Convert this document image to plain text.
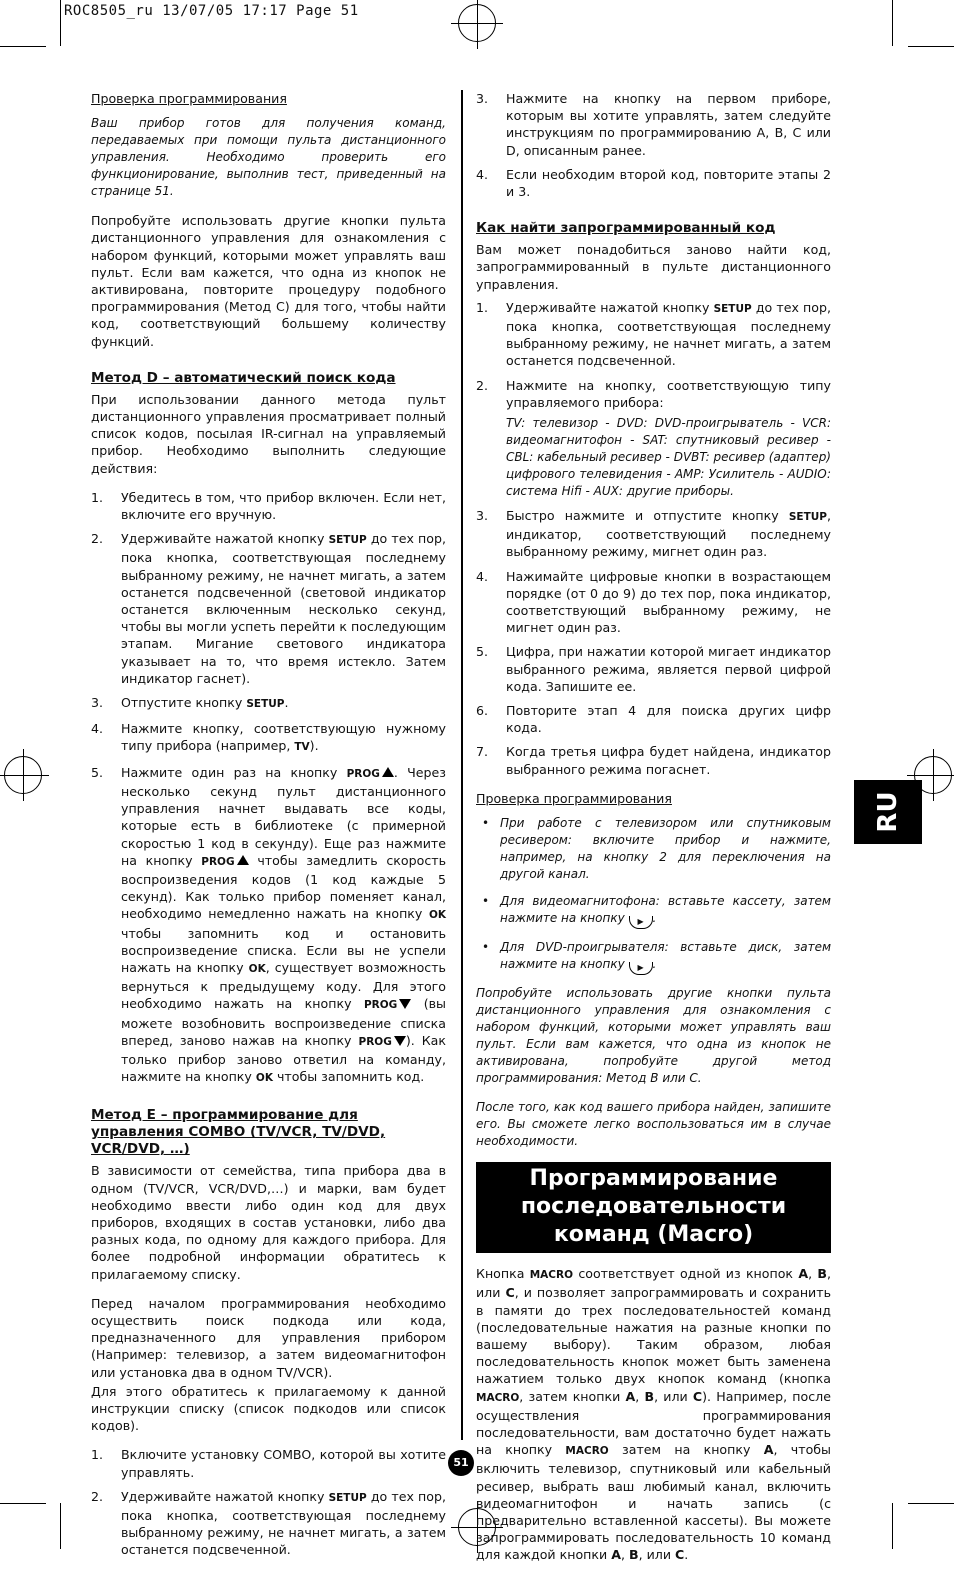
ROC8505_ru 13/07/05 17:17 Page 51
RU
51

Проверка программирования

Ваш прибор готов для получения команд, передаваемых при помощи пульта дистанционного управления. Необходимо проверить его функционирование, выполнив тест, приведенный на странице 51.

Попробуйте использовать другие кнопки пульта дистанционного управления для ознакомления с набором функций, которыми может управлять ваш пульт. Если вам кажется, что одна из кнопок не активирована, повторите процедуру подобного программирования (Метод C) для того, чтобы найти код, соответствующий большему количеству функций.

Метод D – автоматический поиск кода

При использовании данного метода пульт дистанционного управления просматривает полный список кодов, посылая IR-сигнал на управляемый прибор. Необходимо выполнить следующие действия:

1. Убедитесь в том, что прибор включен. Если нет, включите его вручную.
2. Удерживайте нажатой кнопку SETUP до тех пор, пока кнопка, соответствующая последнему выбранному режиму, не начнет мигать, а затем останется подсвеченной (световой индикатор останется включенным несколько секунд, чтобы вы могли успеть перейти к последующим этапам. Мигание светового индикатора указывает на то, что время истекло. Затем индикатор гаснет).
3. Отпустите кнопку SETUP.
4. Нажмите кнопку, соответствующую нужному типу прибора (например, TV).
5. Нажмите один раз на кнопку PROG . Через несколько секунд пульт дистанционного управления начнет выдавать все коды, которые есть в библиотеке (с примерной скоростью 1 код в секунду). Еще раз нажмите на кнопку PROG чтобы замедлить скорость воспроизведения кодов (1 код каждые 5 секунд). Как только прибор поменяет канал, необходимо немедленно нажать на кнопку OK чтобы запомнить код и остановить воспроизведение списка. Если вы не успели нажать на кнопку OK, существует возможность вернуться к предыдущему коду. Для этого необходимо нажать на кнопку PROG (вы можете возобновить воспроизведение списка вперед, заново нажав на кнопку PROG ). Как только прибор заново ответил на команду, нажмите на кнопку OK чтобы запомнить код.
Метод E – программирование для управления COMBO (TV/VCR, TV/DVD, VCR/DVD, …)

В зависимости от семейства, типа прибора два в одном (TV/VCR, VCR/DVD,…) и марки, вам будет необходимо ввести либо один код для двух приборов, входящих в состав установки, либо два разных кода, по одному для каждого прибора. Для более подробной информации обратитесь к прилагаемому списку.

Перед началом программирования необходимо осуществить поиск подкода или кода, предназначенного для управления прибором (Например: телевизор, а затем видеомагнитофон или установка два в одном TV/VCR).

Для этого обратитесь к прилагаемому к данной инструкции списку (список подкодов или список кодов).

1. Включите установку COMBO, которой вы хотите управлять.
2. Удерживайте нажатой кнопку SETUP до тех пор, пока кнопка, соответствующая последнему выбранному режиму, не начнет мигать, а затем останется подсвеченной.
3. Нажмите на кнопку на первом приборе, которым вы хотите управлять, затем следуйте инструкциям по программированию A, B, C или D, описанным ранее.
4. Если необходим второй код, повторите этапы 2 и 3.
Как найти запрограммированный код

Вам может понадобиться заново найти код, запрограммированный в пульте дистанционного управления.

1. Удерживайте нажатой кнопку SETUP до тех пор, пока кнопка, соответствующая последнему выбранному режиму, не начнет мигать, а затем останется подсвеченной.
2. Нажмите на кнопку, соответствующую типу управляемого прибора:
TV: телевизор - DVD: DVD-проигрыватель - VCR: видеомагнитофон - SAT: спутниковый ресивер - CBL: кабельный ресивер - DVBT: ресивер (адаптер) цифрового телевидения - AMP: Усилитель - AUDIO: система Hifi - AUX: другие приборы.
3. Быстро нажмите и отпустите кнопку SETUP, индикатор, соответствующий последнему выбранному режиму, мигнет один раз.
4. Нажимайте цифровые кнопки в возрастающем порядке (от 0 до 9) до тех пор, пока индикатор, соответствующий выбранному режиму, не мигнет один раз.
5. Цифра, при нажатии которой мигает индикатор выбранного режима, является первой цифрой кода. Запишите ее.
6. Повторите этап 4 для поиска других цифр кода.
7. Когда третья цифра будет найдена, индикатор выбранного режима погаснет.

Проверка программирования

• При работе с телевизором или спутниковым ресивером: включите прибор и нажмите, например, на кнопку 2 для переключения на другой канал.
• Для видеомагнитофона: вставьте кассету, затем нажмите на кнопку ▶ .
• Для DVD-проигрывателя: вставьте диск, затем нажмите на кнопку ▶ .

Попробуйте использовать другие кнопки пульта дистанционного управления для ознакомления с набором функций, которыми может управлять ваш пульт. Если вам кажется, что одна из кнопок не активирована, попробуйте другой метод программирования: Метод B или C.

После того, как код вашего прибора найден, запишите его. Вы сможете легко воспользоваться им в случае необходимости.

Программирование последовательности команд (Macro)

Кнопка MACRO соответствует одной из кнопок A, B, или C, и позволяет запрограммировать и сохранить в памяти до трех последовательностей команд (последовательные нажатия на разные кнопки по вашему выбору). Таким образом, любая последовательность кнопок может быть заменена нажатием только двух кнопок команд (кнопка MACRO, затем кнопки A, B, или C). Например, после осуществления программирования последовательности, вам достаточно будет нажать на кнопку MACRO затем на кнопку A, чтобы включить телевизор, спутниковый или кабельный ресивер, выбрать ваш любимый канал, включить видеомагнитофон и начать запись (с предварительно вставленной кассеты). Вы можете запрограммировать последовательность 10 команд для каждой кнопки A, B, или C.
